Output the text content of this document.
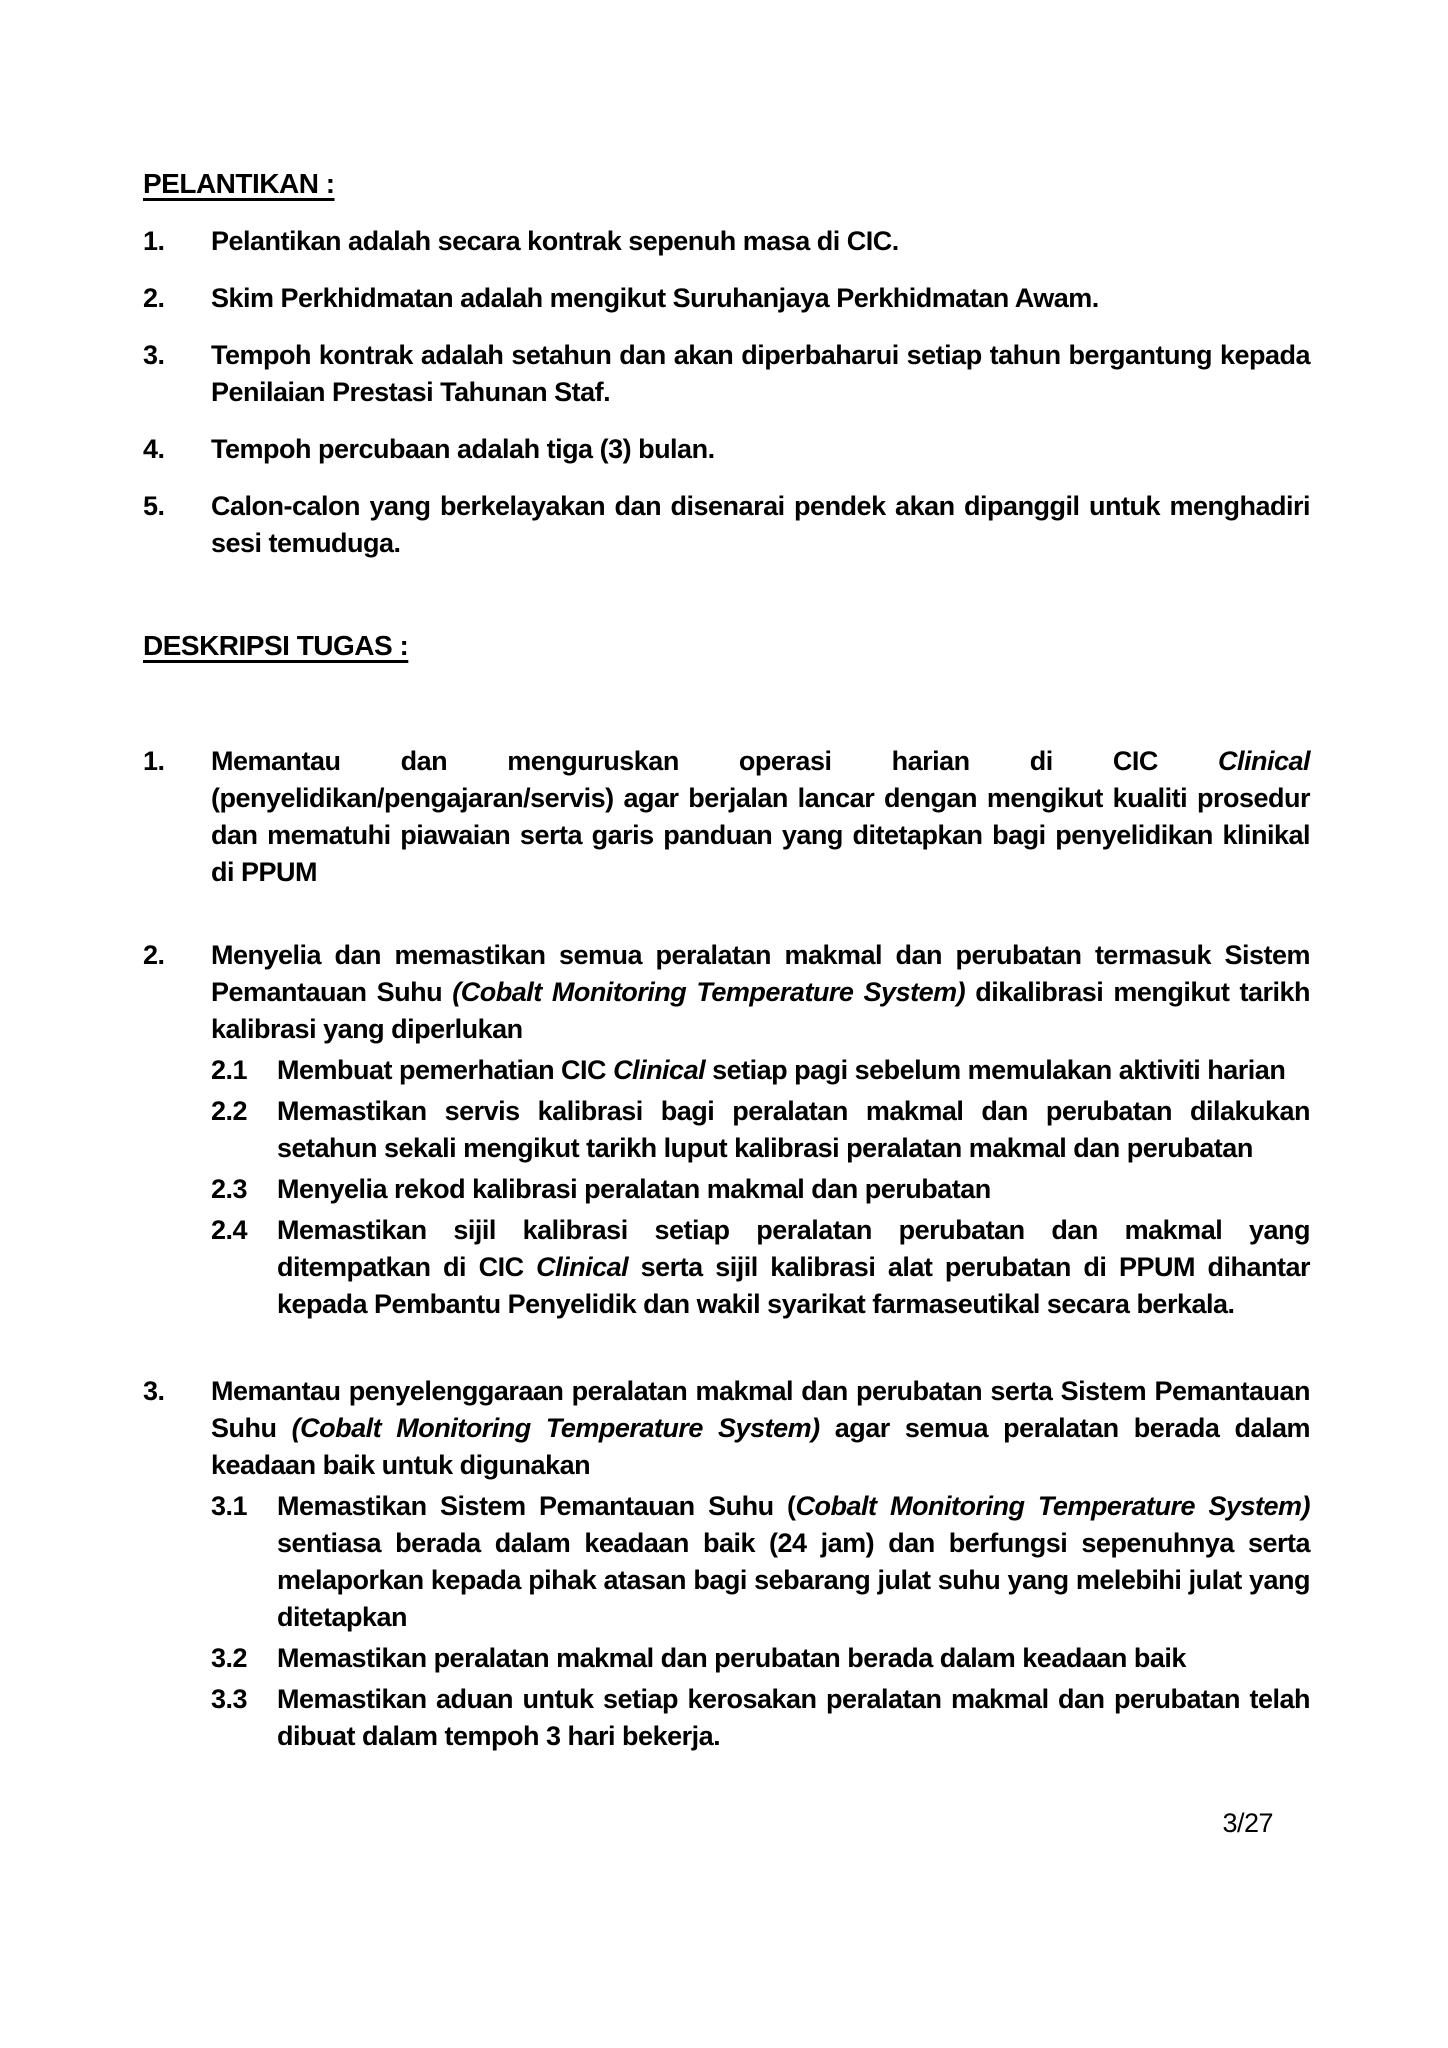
PELANTIKAN :
1.	Pelantikan adalah secara kontrak sepenuh masa di CIC.

2.	Skim Perkhidmatan adalah mengikut Suruhanjaya Perkhidmatan Awam.

3.	Tempoh kontrak adalah setahun dan akan diperbaharui setiap tahun bergantung kepada Penilaian Prestasi Tahunan Staf.

4.	Tempoh percubaan adalah tiga (3) bulan.

5.	Calon-calon yang berkelayakan dan disenarai pendek akan dipanggil untuk menghadiri sesi temuduga.

DESKRIPSI TUGAS :
1.	Memantau dan menguruskan operasi harian di CIC Clinical (penyelidikan/pengajaran/servis) agar berjalan lancar dengan mengikut kualiti prosedur dan mematuhi piawaian serta garis panduan yang ditetapkan bagi penyelidikan klinikal di PPUM

2.	Menyelia dan memastikan semua peralatan makmal dan perubatan termasuk Sistem Pemantauan Suhu (Cobalt Monitoring Temperature System) dikalibrasi mengikut tarikh kalibrasi yang diperlukan

2.1	Membuat pemerhatian CIC Clinical setiap pagi sebelum memulakan aktiviti harian

2.2	Memastikan servis kalibrasi bagi peralatan makmal dan perubatan dilakukan setahun sekali mengikut tarikh luput kalibrasi peralatan makmal dan perubatan

2.3	Menyelia rekod kalibrasi peralatan makmal dan perubatan

2.4	Memastikan sijil kalibrasi setiap peralatan perubatan dan makmal yang ditempatkan di CIC Clinical serta sijil kalibrasi alat perubatan di PPUM dihantar kepada Pembantu Penyelidik dan wakil syarikat farmaseutikal secara berkala.

3.	Memantau penyelenggaraan peralatan makmal dan perubatan serta Sistem Pemantauan Suhu (Cobalt Monitoring Temperature System) agar semua peralatan berada dalam keadaan baik untuk digunakan

3.1	Memastikan Sistem Pemantauan Suhu (Cobalt Monitoring Temperature System) sentiasa berada dalam keadaan baik (24 jam) dan berfungsi sepenuhnya serta melaporkan kepada pihak atasan bagi sebarang julat suhu yang melebihi julat yang ditetapkan

3.2	Memastikan peralatan makmal dan perubatan berada dalam keadaan baik

3.3	Memastikan aduan untuk setiap kerosakan peralatan makmal dan perubatan telah dibuat dalam tempoh 3 hari bekerja.

3/27
